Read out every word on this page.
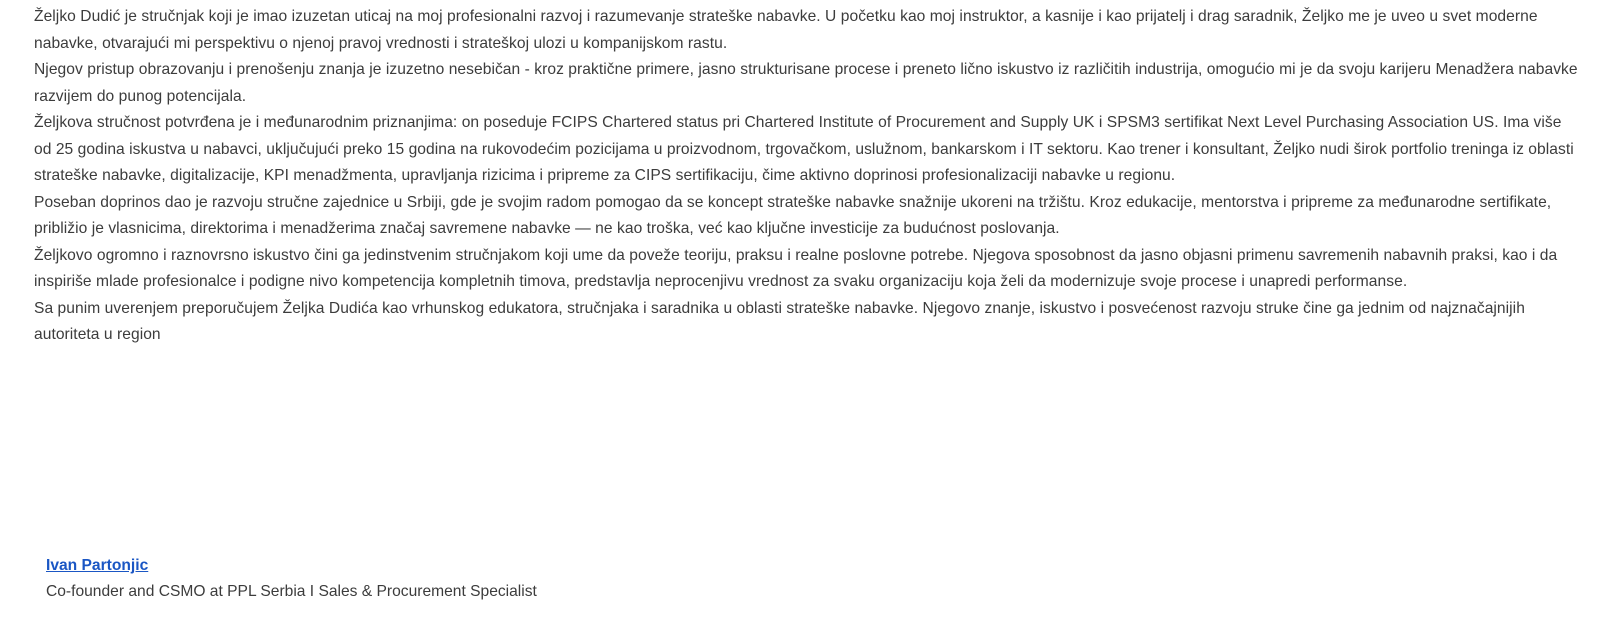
Željko Dudić je stručnjak koji je imao izuzetan uticaj na moj profesionalni razvoj i razumevanje strateške nabavke. U početku kao moj instruktor, a kasnije i kao prijatelj i drag saradnik, Željko me je uveo u svet moderne nabavke, otvarajući mi perspektivu o njenoj pravoj vrednosti i strateškoj ulozi u kompanijskom rastu.

Njegov pristup obrazovanju i prenošenju znanja je izuzetno nesebičan - kroz praktične primere, jasno strukturisane procese i preneto lično iskustvo iz različitih industrija, omogućio mi je da svoju karijeru Menadžera nabavke razvijem do punog potencijala.

Željkova stručnost potvrđena je i međunarodnim priznanjima: on poseduje FCIPS Chartered status pri Chartered Institute of Procurement and Supply UK i SPSM3 sertifikat Next Level Purchasing Association US. Ima više od 25 godina iskustva u nabavci, uključujući preko 15 godina na rukovodećim pozicijama u proizvodnom, trgovačkom, uslužnom, bankarskom i IT sektoru. Kao trener i konsultant, Željko nudi širok portfolio treninga iz oblasti strateške nabavke, digitalizacije, KPI menadžmenta, upravljanja rizicima i pripreme za CIPS sertifikaciju, čime aktivno doprinosi profesionalizaciji nabavke u regionu.

Poseban doprinos dao je razvoju stručne zajednice u Srbiji, gde je svojim radom pomogao da se koncept strateške nabavke snažnije ukoreni na tržištu. Kroz edukacije, mentorstva i pripreme za međunarodne sertifikate, približio je vlasnicima, direktorima i menadžerima značaj savremene nabavke — ne kao troška, već kao ključne investicije za budućnost poslovanja.

Željkovo ogromno i raznovrsno iskustvo čini ga jedinstvenim stručnjakom koji ume da poveže teoriju, praksu i realne poslovne potrebe. Njegova sposobnost da jasno objasni primenu savremenih nabavnih praksi, kao i da inspiriše mlade profesionalce i podigne nivo kompetencija kompletnih timova, predstavlja neprocenjivu vrednost za svaku organizaciju koja želi da modernizuje svoje procese i unapredi performanse.

Sa punim uverenjem preporučujem Željka Dudića kao vrhunskog edukatora, stručnjaka i saradnika u oblasti strateške nabavke. Njegovo znanje, iskustvo i posvećenost razvoju struke čine ga jednim od najznačajnijih autoriteta u region

Ivan Partonjic
Co-founder and CSMO at PPL Serbia I Sales & Procurement Specialist
